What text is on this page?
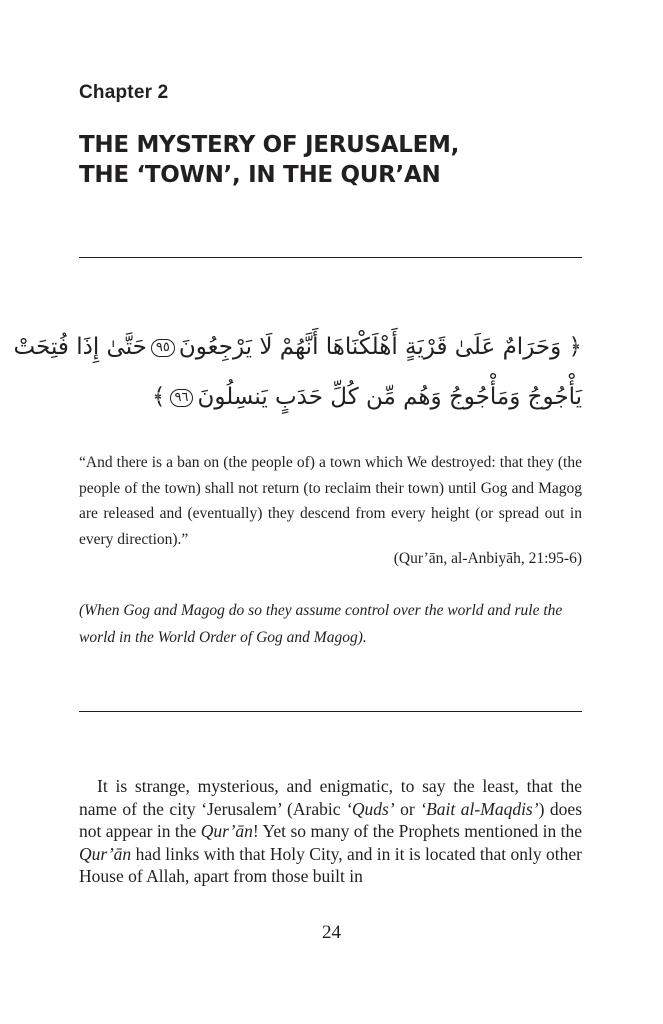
Chapter 2
THE MYSTERY OF JERUSALEM,
THE ‘TOWN’, IN THE QUR’AN
﴿ وَحَرَامٌ عَلَىٰ قَرْيَةٍ أَهْلَكْنَاهَا أَنَّهُمْ لَا يَرْجِعُونَ٩٥حَتَّىٰ إِذَا فُتِحَتْ
يَأْجُوجُ وَمَأْجُوجُ وَهُم مِّن كُلِّ حَدَبٍ يَنسِلُونَ٩٦﴾

“And there is a ban on (the people of) a town which We destroyed: that they (the people of the town) shall not return (to reclaim their town) until Gog and Magog are released and (eventually) they descend from every height (or spread out in every direction).”

(Qur’ān, al-Anbiyāh, 21:95-6)

(When Gog and Magog do so they assume control over the world and rule the world in the World Order of Gog and Magog).

It is strange, mysterious, and enigmatic, to say the least, that the name of the city ‘Jerusalem’ (Arabic ‘Quds’ or ‘Bait al-Maqdis’) does not appear in the Qur’ān! Yet so many of the Prophets mentioned in the Qur’ān had links with that Holy City, and in it is located that only other House of Allah, apart from those built in

24
